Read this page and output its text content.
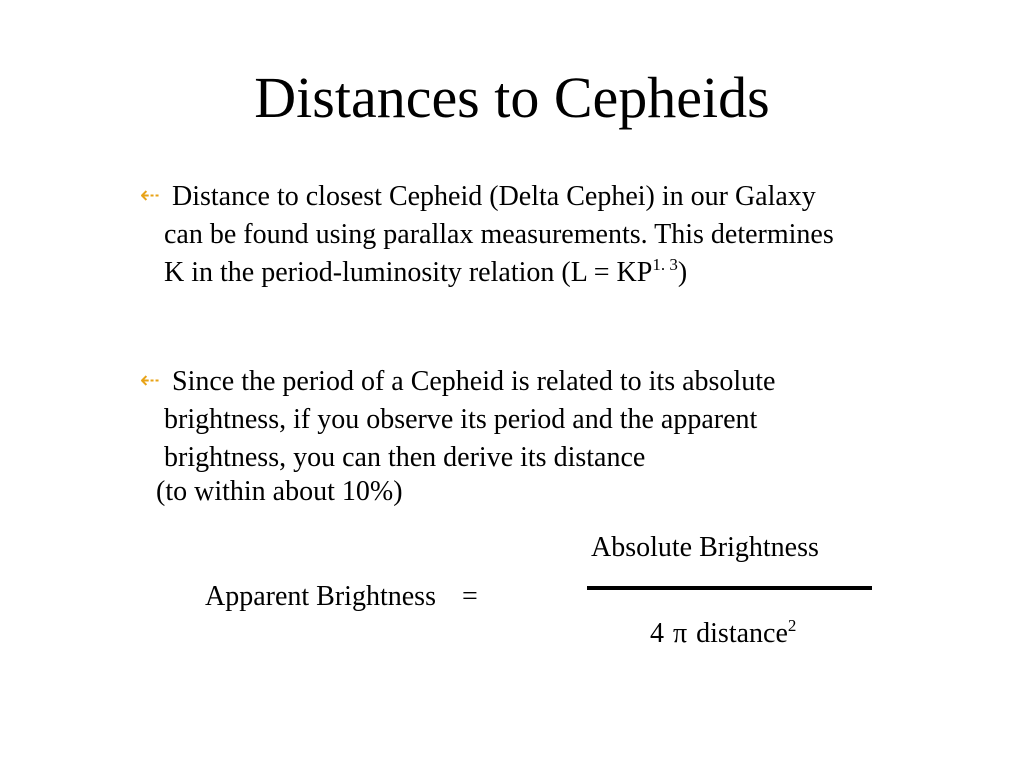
Distances to Cepheids
⇠ Distance to closest Cepheid (Delta Cephei) in our Galaxy
can be found using parallax measurements. This determines
K in the period-luminosity relation $(L = KP^{1. 3})$
⇠ Since the period of a Cepheid is related to its absolute
brightness, if you observe its period and the apparent
brightness, you can then derive its distance
(to within about 10%)
Apparent Brightness =
Absolute Brightness
4 π distance$^2$
